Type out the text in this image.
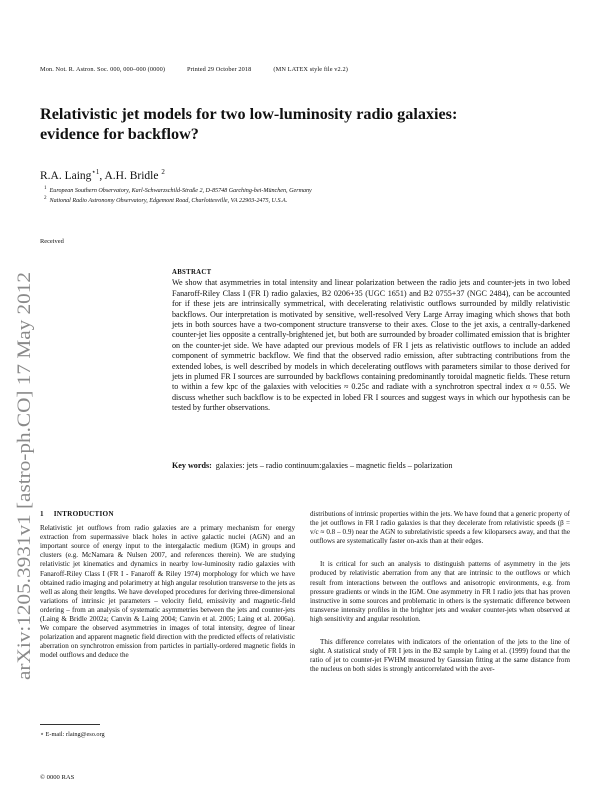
arXiv:1205.3931v1 [astro-ph.CO] 17 May 2012
Mon. Not. R. Astron. Soc. 000, 000–000 (0000)	Printed 29 October 2018	(MN LATEX style file v2.2)
Relativistic jet models for two low-luminosity radio galaxies: evidence for backflow?
R.A. Laing$^{⋆1}$, A.H. Bridle $^2$
$^1$European Southern Observatory, Karl-Schwarzschild-Straße 2, D-85748 Garching-bei-München, Germany
$^2$National Radio Astronomy Observatory, Edgemont Road, Charlottesville, VA 22903-2475, U.S.A.
Received
ABSTRACT
We show that asymmetries in total intensity and linear polarization between the radio jets and counter-jets in two lobed Fanaroff-Riley Class I (FR I) radio galaxies, B2 0206+35 (UGC 1651) and B2 0755+37 (NGC 2484), can be accounted for if these jets are intrinsically symmetrical, with decelerating relativistic outflows surrounded by mildly relativistic backflows. Our interpretation is motivated by sensitive, well-resolved Very Large Array imaging which shows that both jets in both sources have a two-component structure transverse to their axes. Close to the jet axis, a centrally-darkened counter-jet lies opposite a centrally-brightened jet, but both are surrounded by broader collimated emission that is brighter on the counter-jet side. We have adapted our previous models of FR I jets as relativistic outflows to include an added component of symmetric backflow. We find that the observed radio emission, after subtracting contributions from the extended lobes, is well described by models in which decelerating outflows with parameters similar to those derived for jets in plumed FR I sources are surrounded by backflows containing predominantly toroidal magnetic fields. These return to within a few kpc of the galaxies with velocities ≈ 0.25c and radiate with a synchrotron spectral index α ≈ 0.55. We discuss whether such backflow is to be expected in lobed FR I sources and suggest ways in which our hypothesis can be tested by further observations.
Key words: galaxies: jets – radio continuum:galaxies – magnetic fields – polarization
1 INTRODUCTION

Relativistic jet outflows from radio galaxies are a primary mechanism for energy extraction from supermassive black holes in active galactic nuclei (AGN) and an important source of energy input to the intergalactic medium (IGM) in groups and clusters (e.g. McNamara & Nulsen 2007, and references therein). We are studying relativistic jet kinematics and dynamics in nearby low-luminosity radio galaxies with Fanaroff-Riley Class I (FR I - Fanaroff & Riley 1974) morphology for which we have obtained radio imaging and polarimetry at high angular resolution transverse to the jets as well as along their lengths. We have developed procedures for deriving three-dimensional variations of intrinsic jet parameters – velocity field, emissivity and magnetic-field ordering – from an analysis of systematic asymmetries between the jets and counter-jets (Laing & Bridle 2002a; Canvin & Laing 2004; Canvin et al. 2005; Laing et al. 2006a). We compare the observed asymmetries in images of total intensity, degree of linear polarization and apparent magnetic field direction with the predicted effects of relativistic aberration on synchrotron emission from particles in partially-ordered magnetic fields in model outflows and deduce the

distributions of intrinsic properties within the jets. We have found that a generic property of the jet outflows in FR I radio galaxies is that they decelerate from relativistic speeds (β = v/c ≈ 0.8 – 0.9) near the AGN to subrelativistic speeds a few kiloparsecs away, and that the outflows are systematically faster on-axis than at their edges.

It is critical for such an analysis to distinguish patterns of asymmetry in the jets produced by relativistic aberration from any that are intrinsic to the outflows or which result from interactions between the outflows and anisotropic environments, e.g. from pressure gradients or winds in the IGM. One asymmetry in FR I radio jets that has proven instructive in some sources and problematic in others is the systematic difference between transverse intensity profiles in the brighter jets and weaker counter-jets when observed at high sensitivity and angular resolution.

This difference correlates with indicators of the orientation of the jets to the line of sight. A statistical study of FR I jets in the B2 sample by Laing et al. (1999) found that the ratio of jet to counter-jet FWHM measured by Gaussian fitting at the same distance from the nucleus on both sides is strongly anticorrelated with the aver-

⋆ E-mail: rlaing@eso.org
© 0000 RAS
